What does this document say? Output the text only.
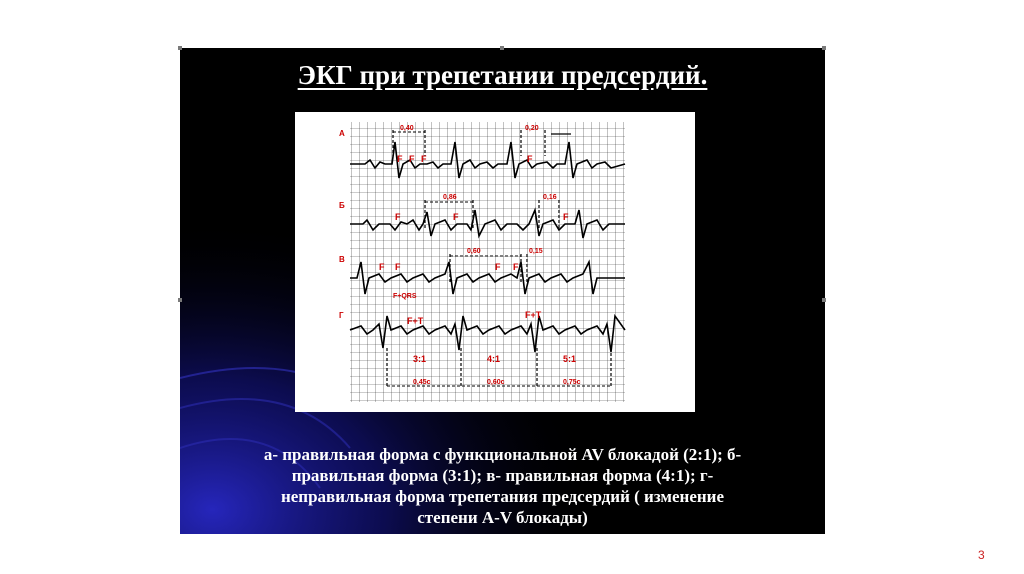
ЭКГ при трепетании предсердий.
А
Б
В
Г
0,40	0,20
F F F	F
0,86	0,16
F	F	F
0,60	0,15
F F	F F
F+QRS
F+T
F+T
3:1	4:1	5:1
0,45c	0,60c	0,75c
а- правильная форма с функциональной AV блокадой (2:1); б-
правильная форма (3:1); в- правильная форма (4:1); г-
неправильная форма трепетания предсердий ( изменение
степени A-V блокады)
3
